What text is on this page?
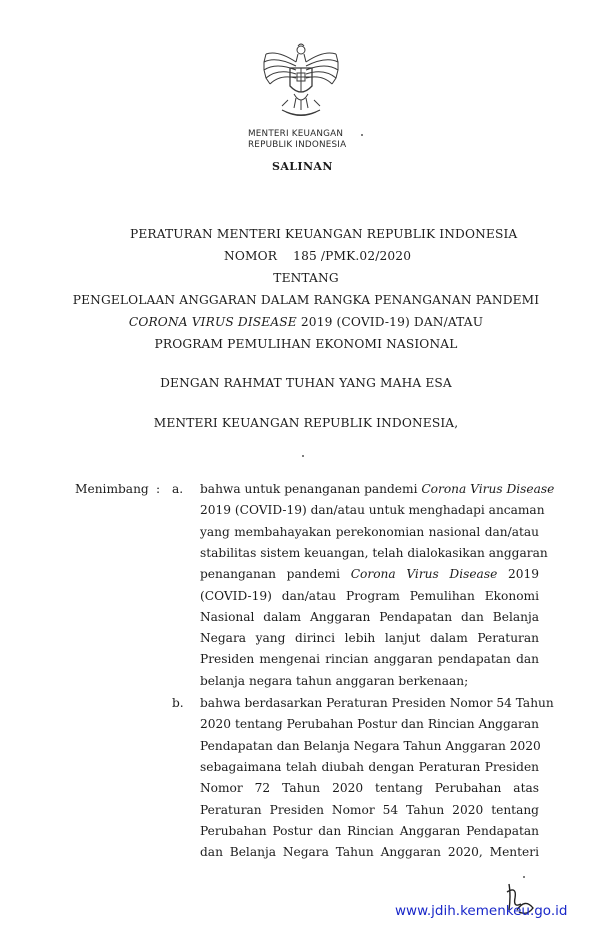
MENTERI KEUANGAN
REPUBLIK INDONESIA
SALINAN
PERATURAN MENTERI KEUANGAN REPUBLIK INDONESIA
NOMOR 185 /PMK.02/2020
TENTANG
PENGELOLAAN ANGGARAN DALAM RANGKA PENANGANAN PANDEMI
CORONA VIRUS DISEASE 2019 (COVID-19) DAN/ATAU
PROGRAM PEMULIHAN EKONOMI NASIONAL
DENGAN RAHMAT TUHAN YANG MAHA ESA
MENTERI KEUANGAN REPUBLIK INDONESIA,
Menimbang : a.
b.
bahwa untuk penanganan pandemi Corona Virus Disease
2019 (COVID-19) dan/atau untuk menghadapi ancaman
yang membahayakan perekonomian nasional dan/atau
stabilitas sistem keuangan, telah dialokasikan anggaran
penanganan pandemi Corona Virus Disease 2019
(COVID-19) dan/atau Program Pemulihan Ekonomi
Nasional dalam Anggaran Pendapatan dan Belanja
Negara yang dirinci lebih lanjut dalam Peraturan
Presiden mengenai rincian anggaran pendapatan dan
belanja negara tahun anggaran berkenaan;
bahwa berdasarkan Peraturan Presiden Nomor 54 Tahun
2020 tentang Perubahan Postur dan Rincian Anggaran
Pendapatan dan Belanja Negara Tahun Anggaran 2020
sebagaimana telah diubah dengan Peraturan Presiden
Nomor 72 Tahun 2020 tentang Perubahan atas
Peraturan Presiden Nomor 54 Tahun 2020 tentang
Perubahan Postur dan Rincian Anggaran Pendapatan
dan Belanja Negara Tahun Anggaran 2020, Menteri
www.jdih.kemenkeu.go.id
